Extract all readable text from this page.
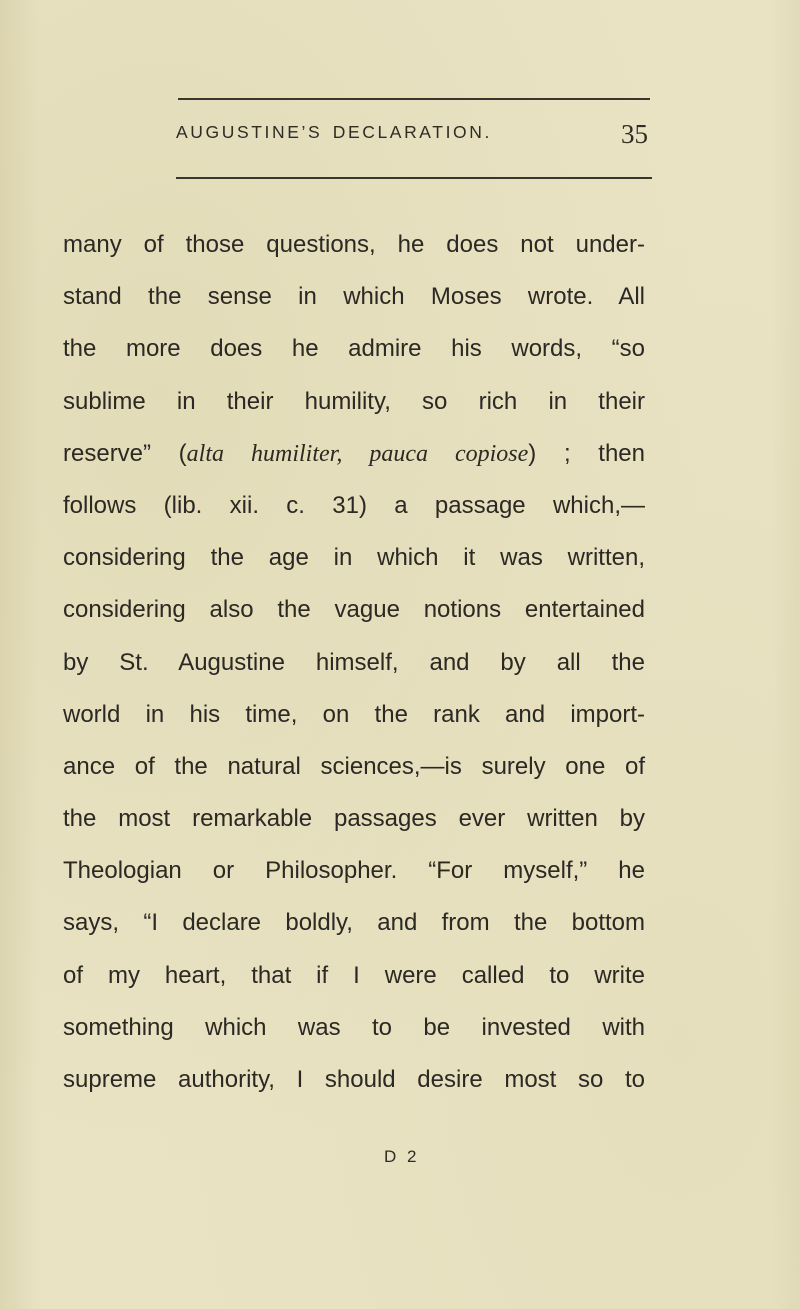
AUGUSTINE’S DECLARATION.	35
many of those questions, he does not under-
stand the sense in which Moses wrote. All
the more does he admire his words, “so
sublime in their humility, so rich in their
reserve” (alta humiliter, pauca copiose) ; then
follows (lib. xii. c. 31) a passage which,—
considering the age in which it was written,
considering also the vague notions entertained
by St. Augustine himself, and by all the
world in his time, on the rank and import-
ance of the natural sciences,—is surely one of
the most remarkable passages ever written by
Theologian or Philosopher. “For myself,” he
says, “I declare boldly, and from the bottom
of my heart, that if I were called to write
something which was to be invested with
supreme authority, I should desire most so to
D 2
